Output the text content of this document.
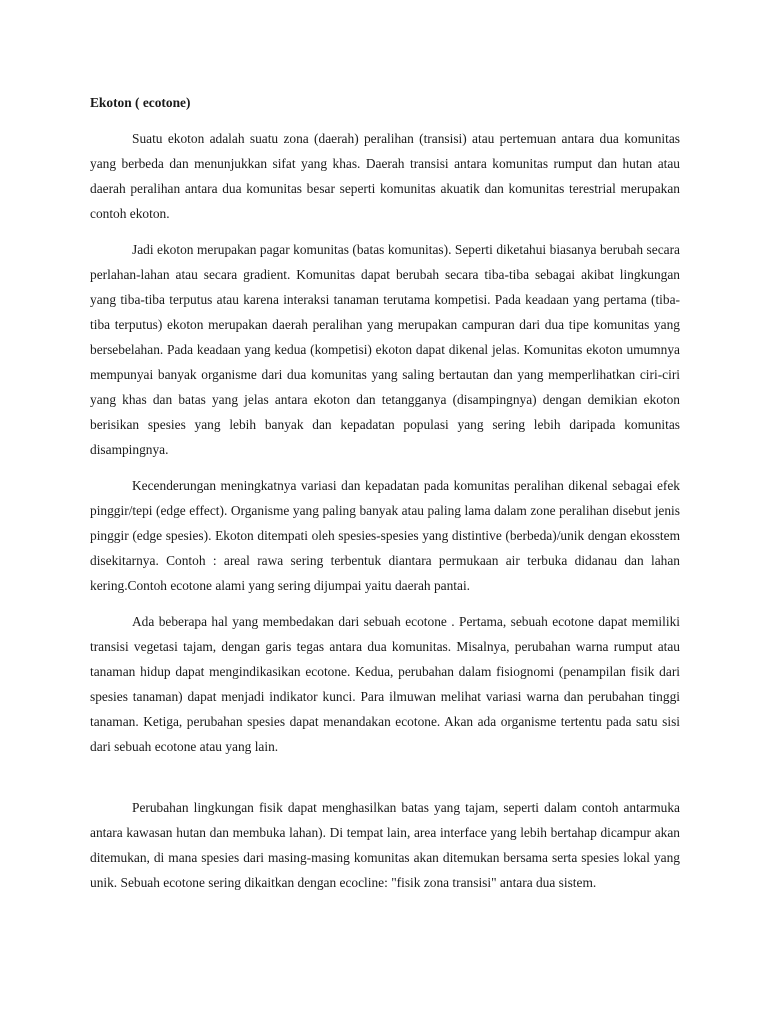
Ekoton ( ecotone)

Suatu ekoton adalah suatu zona (daerah) peralihan (transisi) atau pertemuan antara dua komunitas yang berbeda dan menunjukkan sifat yang khas. Daerah transisi antara komunitas rumput dan hutan atau daerah peralihan antara dua komunitas besar seperti komunitas akuatik dan komunitas terestrial merupakan contoh ekoton.

Jadi ekoton merupakan pagar komunitas (batas komunitas). Seperti diketahui biasanya berubah secara perlahan-lahan atau secara gradient. Komunitas dapat berubah secara tiba-tiba sebagai akibat lingkungan yang tiba-tiba terputus atau karena interaksi tanaman terutama kompetisi. Pada keadaan yang pertama (tiba-tiba terputus) ekoton merupakan daerah peralihan yang merupakan campuran dari dua tipe komunitas yang bersebelahan. Pada keadaan yang kedua (kompetisi) ekoton dapat dikenal jelas. Komunitas ekoton umumnya mempunyai banyak organisme dari dua komunitas yang saling bertautan dan yang memperlihatkan ciri-ciri yang khas dan batas yang jelas antara ekoton dan tetangganya (disampingnya) dengan demikian ekoton berisikan spesies yang lebih banyak dan kepadatan populasi yang sering lebih daripada komunitas disampingnya.

Kecenderungan meningkatnya variasi dan kepadatan pada komunitas peralihan dikenal sebagai efek pinggir/tepi (edge effect). Organisme yang paling banyak atau paling lama dalam zone peralihan disebut jenis pinggir (edge spesies). Ekoton ditempati oleh spesies-spesies yang distintive (berbeda)/unik dengan ekosstem disekitarnya. Contoh : areal rawa sering terbentuk diantara permukaan air terbuka didanau dan lahan kering.Contoh ecotone alami yang sering dijumpai yaitu daerah pantai.

Ada beberapa hal yang membedakan dari sebuah ecotone . Pertama, sebuah ecotone dapat memiliki transisi vegetasi tajam, dengan garis tegas antara dua komunitas. Misalnya, perubahan warna rumput atau tanaman hidup dapat mengindikasikan ecotone. Kedua, perubahan dalam fisiognomi (penampilan fisik dari spesies tanaman) dapat menjadi indikator kunci. Para ilmuwan melihat variasi warna dan perubahan tinggi tanaman. Ketiga, perubahan spesies dapat menandakan ecotone. Akan ada organisme tertentu pada satu sisi dari sebuah ecotone atau yang lain.

Perubahan lingkungan fisik dapat menghasilkan batas yang tajam, seperti dalam contoh antarmuka antara kawasan hutan dan membuka lahan). Di tempat lain, area interface yang lebih bertahap dicampur akan ditemukan, di mana spesies dari masing-masing komunitas akan ditemukan bersama serta spesies lokal yang unik. Sebuah ecotone sering dikaitkan dengan ecocline: "fisik zona transisi" antara dua sistem.
